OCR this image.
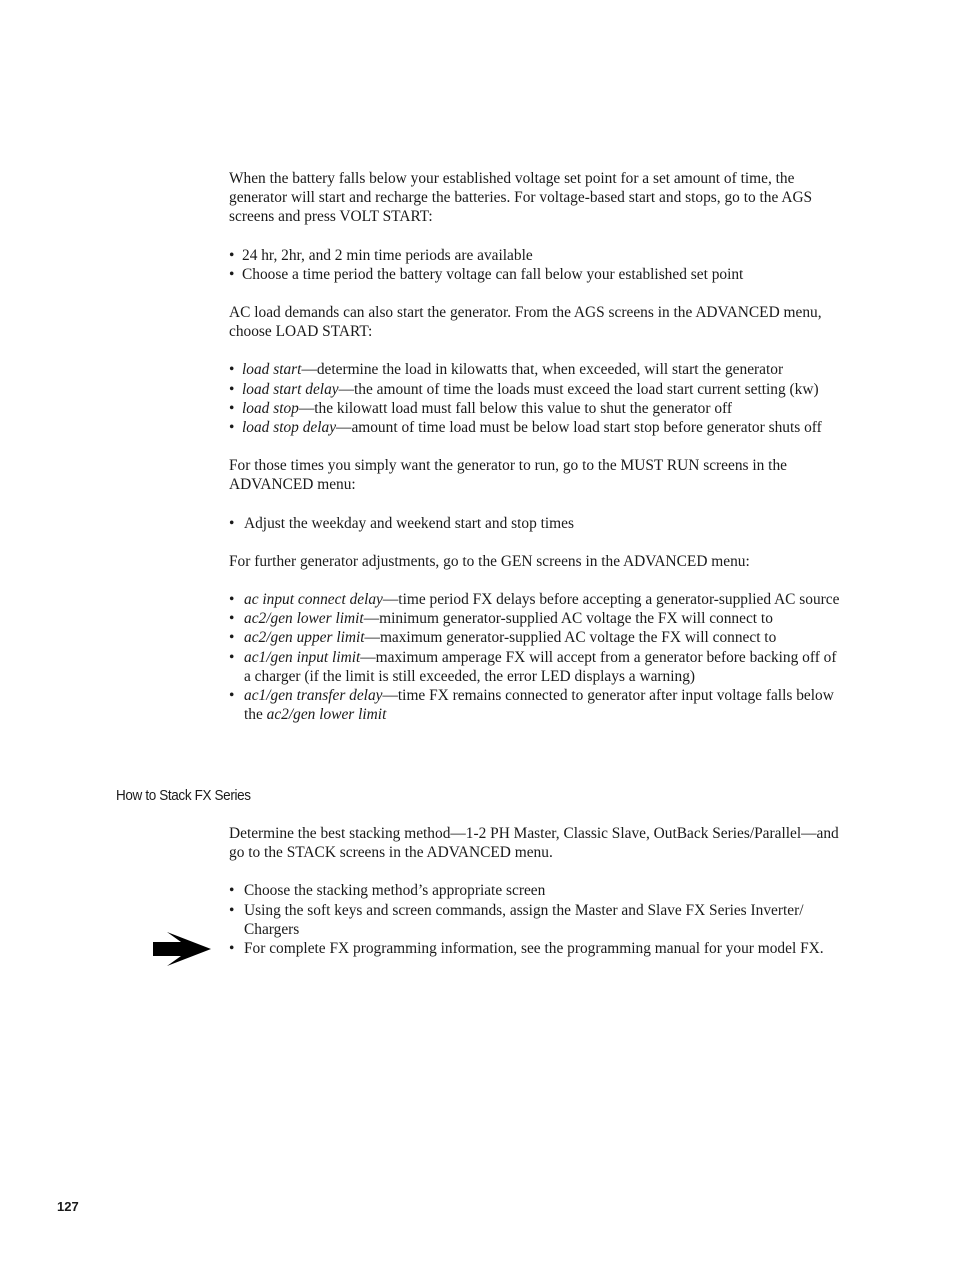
When the battery falls below your established voltage set point for a set amount of time, the generator will start and recharge the batteries. For voltage-based start and stops, go to the AGS screens and press VOLT START:

• 24 hr, 2hr, and 2 min time periods are available
• Choose a time period the battery voltage can fall below your established set point

AC load demands can also start the generator. From the AGS screens in the ADVANCED menu, choose LOAD START:

• load start—determine the load in kilowatts that, when exceeded, will start the generator
• load start delay—the amount of time the loads must exceed the load start current setting (kw)
• load stop—the kilowatt load must fall below this value to shut the generator off
• load stop delay—amount of time load must be below load start stop before generator shuts off

For those times you simply want the generator to run, go to the MUST RUN screens in the ADVANCED menu:

• Adjust the weekday and weekend start and stop times

For further generator adjustments, go to the GEN screens in the ADVANCED menu:

• ac input connect delay—time period FX delays before accepting a generator-supplied AC source
• ac2/gen lower limit—minimum generator-supplied AC voltage the FX will connect to
• ac2/gen upper limit—maximum generator-supplied AC voltage the FX will connect to
• ac1/gen input limit—maximum amperage FX will accept from a generator before backing off of a charger (if the limit is still exceeded, the error LED displays a warning)
• ac1/gen transfer delay—time FX remains connected to generator after input voltage falls below the ac2/gen lower limit
How to Stack FX Series

Determine the best stacking method—1-2 PH Master, Classic Slave, OutBack Series/Parallel—and go to the STACK screens in the ADVANCED menu.

• Choose the stacking method’s appropriate screen
• Using the soft keys and screen commands, assign the Master and Slave FX Series Inverter/ Chargers
• For complete FX programming information, see the programming manual for your model FX.
127
